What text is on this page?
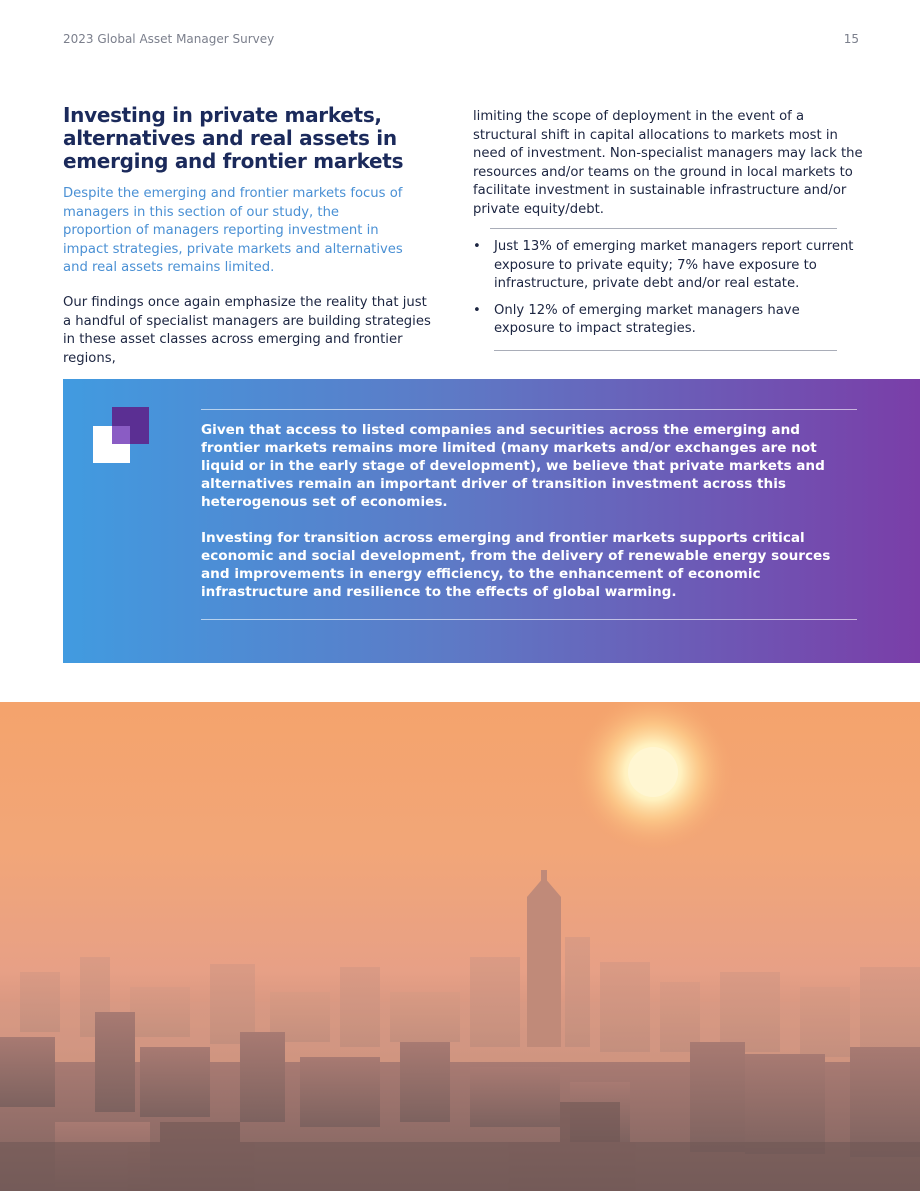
2023 Global Asset Manager Survey	15
Investing in private markets, alternatives and real assets in emerging and frontier markets

Despite the emerging and frontier markets focus of managers in this section of our study, the proportion of managers reporting investment in impact strategies, private markets and alternatives and real assets remains limited.

Our findings once again emphasize the reality that just a handful of specialist managers are building strategies in these asset classes across emerging and frontier regions,

limiting the scope of deployment in the event of a structural shift in capital allocations to markets most in need of investment. Non-specialist managers may lack the resources and/or teams on the ground in local markets to facilitate investment in sustainable infrastructure and/or private equity/debt.

• Just 13% of emerging market managers report current exposure to private equity; 7% have exposure to infrastructure, private debt and/or real estate.
• Only 12% of emerging market managers have exposure to impact strategies.

Given that access to listed companies and securities across the emerging and frontier markets remains more limited (many markets and/or exchanges are not liquid or in the early stage of development), we believe that private markets and alternatives remain an important driver of transition investment across this heterogenous set of economies.

Investing for transition across emerging and frontier markets supports critical economic and social development, from the delivery of renewable energy sources and improvements in energy efficiency, to the enhancement of economic infrastructure and resilience to the effects of global warming.
